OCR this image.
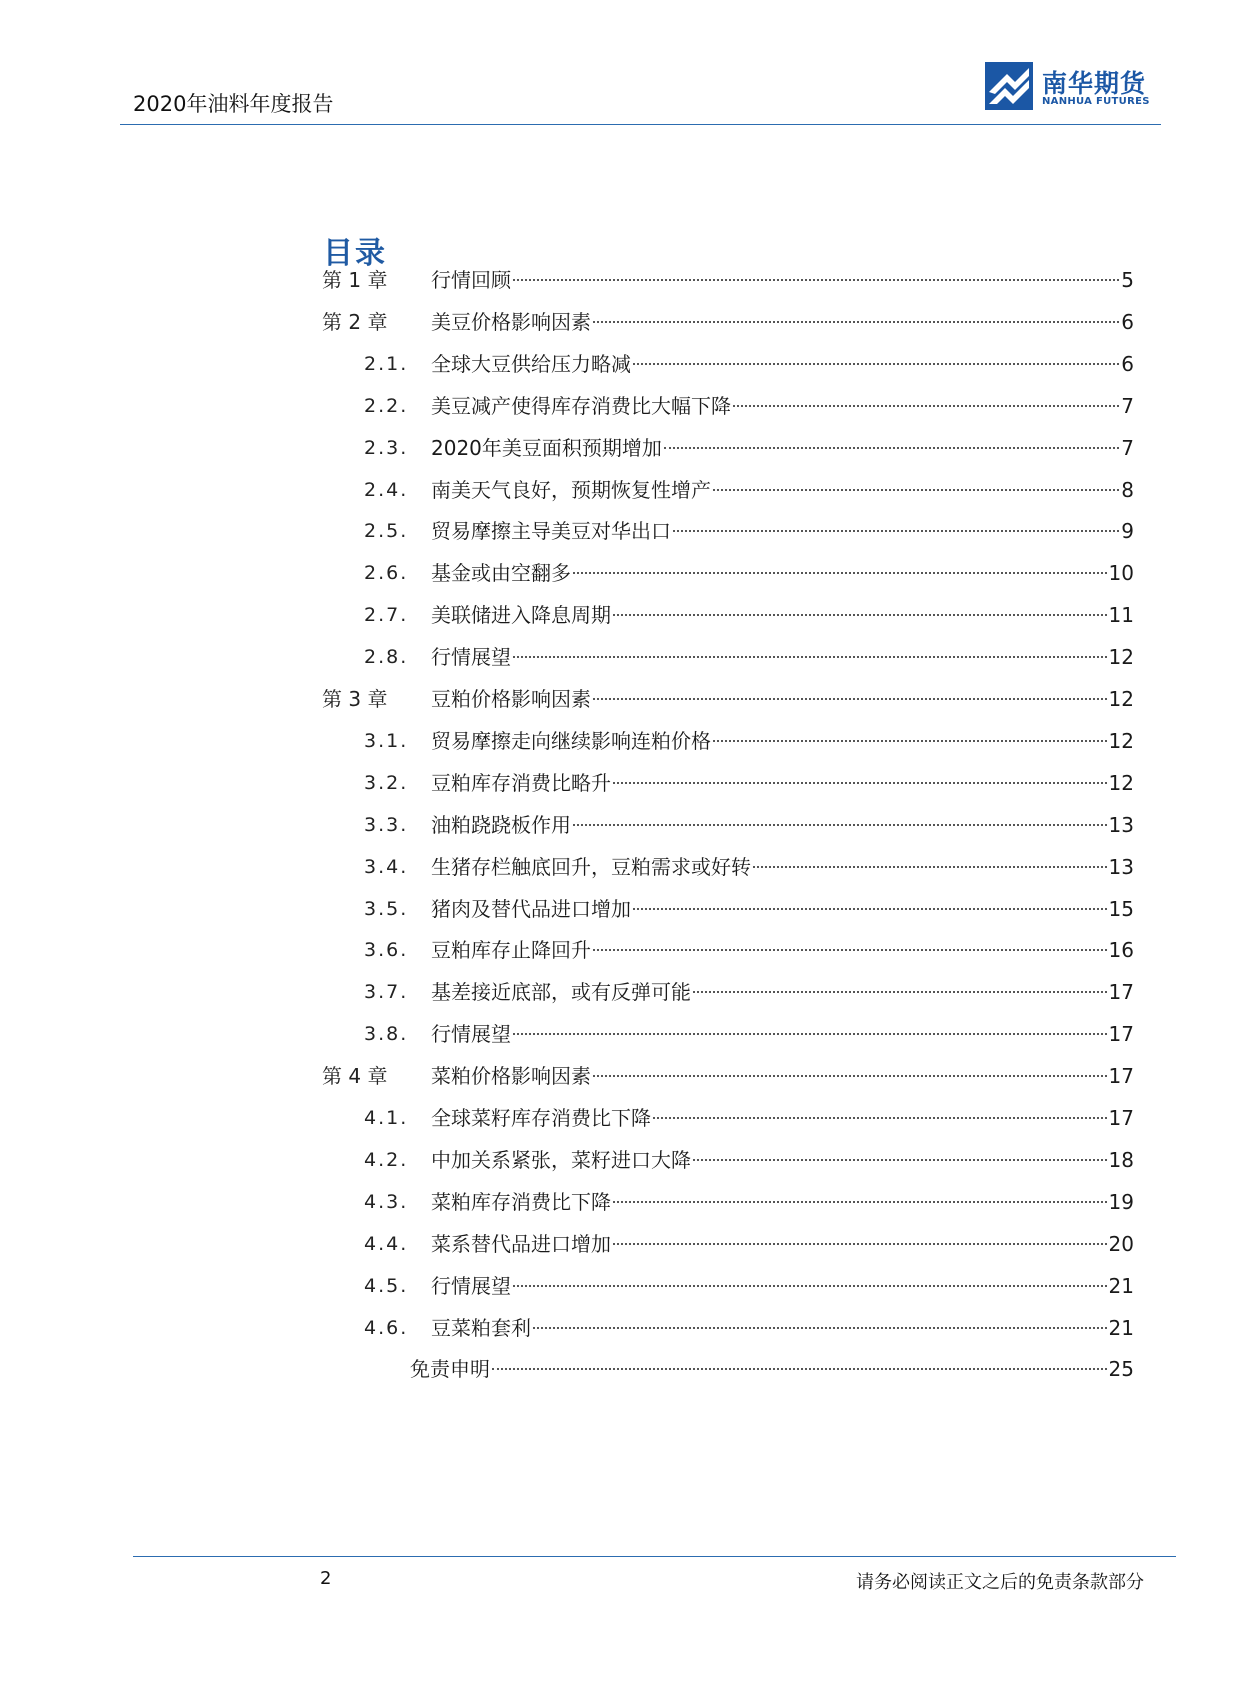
2020年油料年度报告
南华期货
NANHUA FUTURES
目录
第 1 章 行情回顾	5
第 2 章 美豆价格影响因素	6
2.1. 全球大豆供给压力略减	6
2.2. 美豆减产使得库存消费比大幅下降	7
2.3. 2020年美豆面积预期增加	7
2.4. 南美天气良好，预期恢复性增产	8
2.5. 贸易摩擦主导美豆对华出口	9
2.6. 基金或由空翻多	10
2.7. 美联储进入降息周期	11
2.8. 行情展望	12
第 3 章 豆粕价格影响因素	12
3.1. 贸易摩擦走向继续影响连粕价格	12
3.2. 豆粕库存消费比略升	12
3.3. 油粕跷跷板作用	13
3.4. 生猪存栏触底回升，豆粕需求或好转	13
3.5. 猪肉及替代品进口增加	15
3.6. 豆粕库存止降回升	16
3.7. 基差接近底部，或有反弹可能	17
3.8. 行情展望	17
第 4 章 菜粕价格影响因素	17
4.1. 全球菜籽库存消费比下降	17
4.2. 中加关系紧张，菜籽进口大降	18
4.3. 菜粕库存消费比下降	19
4.4. 菜系替代品进口增加	20
4.5. 行情展望	21
4.6. 豆菜粕套利	21
免责申明	25
2	请务必阅读正文之后的免责条款部分
